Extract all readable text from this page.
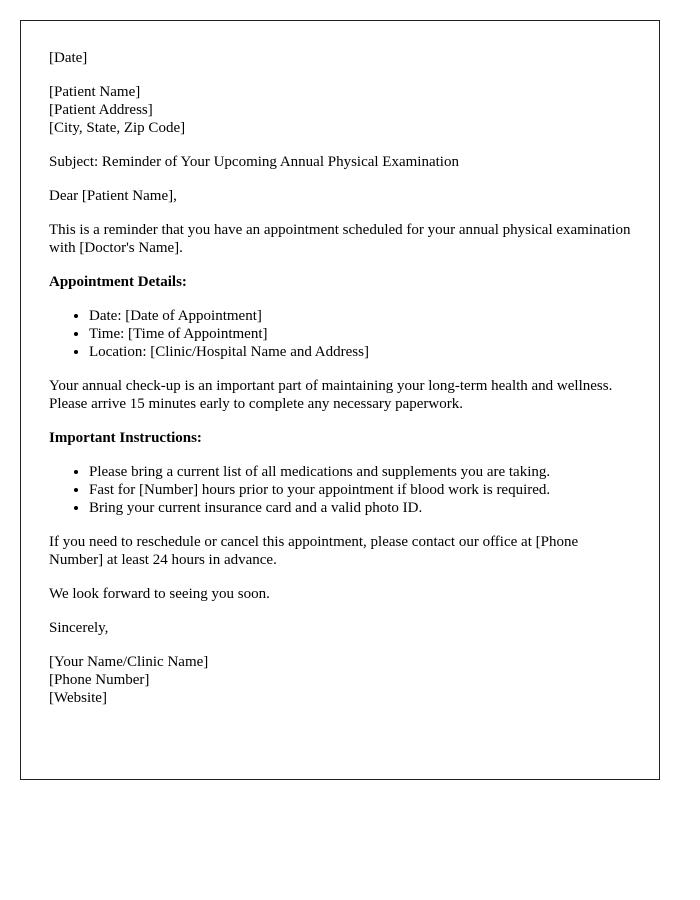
[Date]
[Patient Name]
[Patient Address]
[City, State, Zip Code]
Subject: Reminder of Your Upcoming Annual Physical Examination
Dear [Patient Name],
This is a reminder that you have an appointment scheduled for your annual physical examination with [Doctor's Name].
Appointment Details:
• Date: [Date of Appointment]
• Time: [Time of Appointment]
• Location: [Clinic/Hospital Name and Address]
Your annual check-up is an important part of maintaining your long-term health and wellness. Please arrive 15 minutes early to complete any necessary paperwork.
Important Instructions:
• Please bring a current list of all medications and supplements you are taking.
• Fast for [Number] hours prior to your appointment if blood work is required.
• Bring your current insurance card and a valid photo ID.
If you need to reschedule or cancel this appointment, please contact our office at [Phone Number] at least 24 hours in advance.
We look forward to seeing you soon.
Sincerely,
[Your Name/Clinic Name]
[Phone Number]
[Website]
